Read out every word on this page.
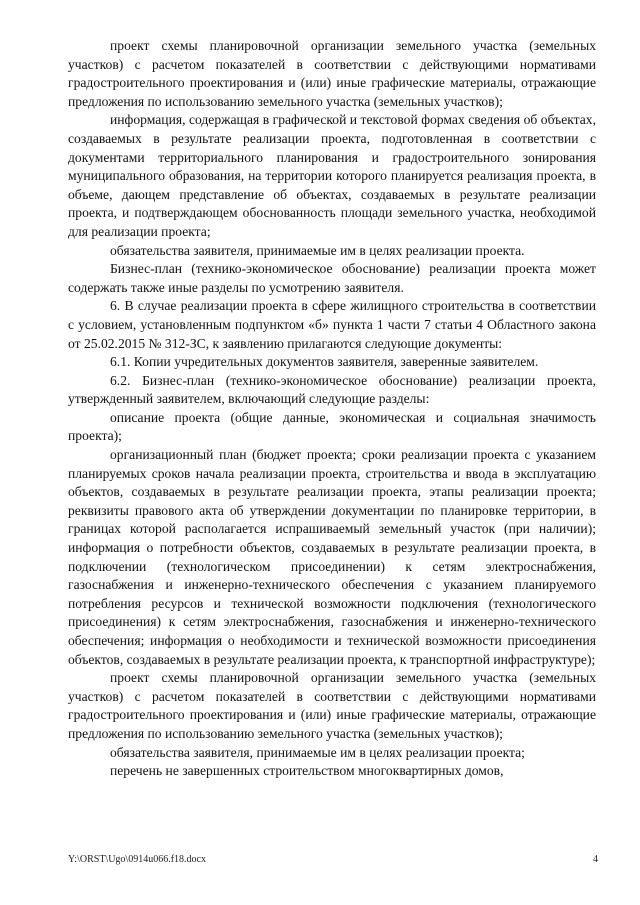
проект схемы планировочной организации земельного участка (земельных участков) с расчетом показателей в соответствии с действующими нормативами градостроительного проектирования и (или) иные графические материалы, отражающие предложения по использованию земельного участка (земельных участков);

информация, содержащая в графической и текстовой формах сведения об объектах, создаваемых в результате реализации проекта, подготовленная в соответствии с документами территориального планирования и градостроительного зонирования муниципального образования, на территории которого планируется реализация проекта, в объеме, дающем представление об объектах, создаваемых в результате реализации проекта, и подтверждающем обоснованность площади земельного участка, необходимой для реализации проекта;

обязательства заявителя, принимаемые им в целях реализации проекта.

Бизнес-план (технико-экономическое обоснование) реализации проекта может содержать также иные разделы по усмотрению заявителя.

6. В случае реализации проекта в сфере жилищного строительства в соответствии с условием, установленным подпунктом «б» пункта 1 части 7 статьи 4 Областного закона от 25.02.2015 № 312-ЗС, к заявлению прилагаются следующие документы:

6.1. Копии учредительных документов заявителя, заверенные заявителем.

6.2. Бизнес-план (технико-экономическое обоснование) реализации проекта, утвержденный заявителем, включающий следующие разделы:

описание проекта (общие данные, экономическая и социальная значимость проекта);

организационный план (бюджет проекта; сроки реализации проекта с указанием планируемых сроков начала реализации проекта, строительства и ввода в эксплуатацию объектов, создаваемых в результате реализации проекта, этапы реализации проекта; реквизиты правового акта об утверждении документации по планировке территории, в границах которой располагается испрашиваемый земельный участок (при наличии); информация о потребности объектов, создаваемых в результате реализации проекта, в подключении (технологическом присоединении) к сетям электроснабжения, газоснабжения и инженерно-технического обеспечения с указанием планируемого потребления ресурсов и технической возможности подключения (технологического присоединения) к сетям электроснабжения, газоснабжения и инженерно-технического обеспечения; информация о необходимости и технической возможности присоединения объектов, создаваемых в результате реализации проекта, к транспортной инфраструктуре);

проект схемы планировочной организации земельного участка (земельных участков) с расчетом показателей в соответствии с действующими нормативами градостроительного проектирования и (или) иные графические материалы, отражающие предложения по использованию земельного участка (земельных участков);

обязательства заявителя, принимаемые им в целях реализации проекта;

перечень не завершенных строительством многоквартирных домов,

Y:\ORST\Ugo\0914u066.f18.docx	4
